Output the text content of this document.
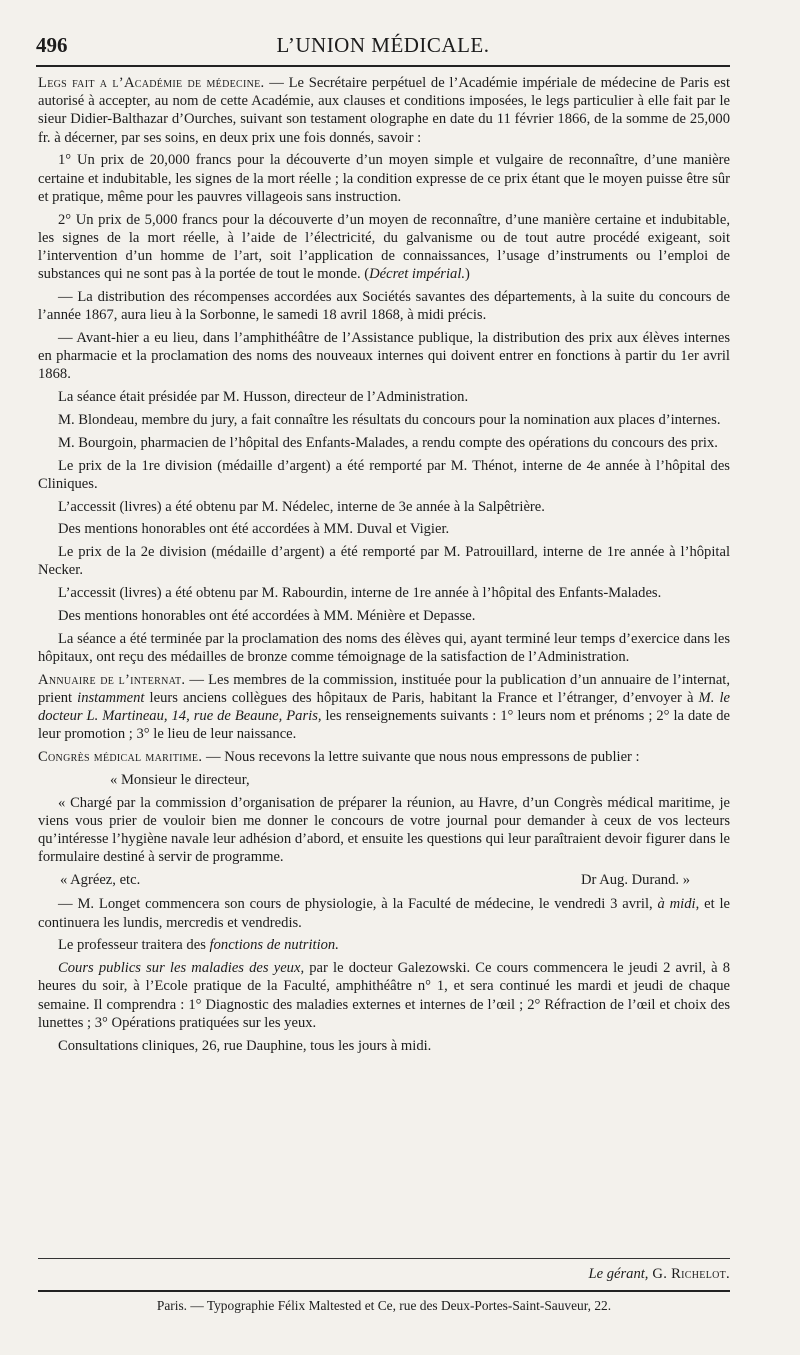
496	L’UNION MÉDICALE.

Legs fait a l’Académie de médecine. — Le Secrétaire perpétuel de l’Académie impériale de médecine de Paris est autorisé à accepter, au nom de cette Académie, aux clauses et conditions imposées, le legs particulier à elle fait par le sieur Didier-Balthazar d’Ourches, suivant son testament olographe en date du 11 février 1866, de la somme de 25,000 fr. à décerner, par ses soins, en deux prix une fois donnés, savoir :

1° Un prix de 20,000 francs pour la découverte d’un moyen simple et vulgaire de reconnaître, d’une manière certaine et indubitable, les signes de la mort réelle ; la condition expresse de ce prix étant que le moyen puisse être sûr et pratique, même pour les pauvres villageois sans instruction.

2° Un prix de 5,000 francs pour la découverte d’un moyen de reconnaître, d’une manière certaine et indubitable, les signes de la mort réelle, à l’aide de l’électricité, du galvanisme ou de tout autre procédé exigeant, soit l’intervention d’un homme de l’art, soit l’application de connaissances, l’usage d’instruments ou l’emploi de substances qui ne sont pas à la portée de tout le monde. (Décret impérial.)

— La distribution des récompenses accordées aux Sociétés savantes des départements, à la suite du concours de l’année 1867, aura lieu à la Sorbonne, le samedi 18 avril 1868, à midi précis.

— Avant-hier a eu lieu, dans l’amphithéâtre de l’Assistance publique, la distribution des prix aux élèves internes en pharmacie et la proclamation des noms des nouveaux internes qui doivent entrer en fonctions à partir du 1er avril 1868.

La séance était présidée par M. Husson, directeur de l’Administration.

M. Blondeau, membre du jury, a fait connaître les résultats du concours pour la nomination aux places d’internes.

M. Bourgoin, pharmacien de l’hôpital des Enfants-Malades, a rendu compte des opérations du concours des prix.

Le prix de la 1re division (médaille d’argent) a été remporté par M. Thénot, interne de 4e année à l’hôpital des Cliniques.

L’accessit (livres) a été obtenu par M. Nédelec, interne de 3e année à la Salpêtrière.

Des mentions honorables ont été accordées à MM. Duval et Vigier.

Le prix de la 2e division (médaille d’argent) a été remporté par M. Patrouillard, interne de 1re année à l’hôpital Necker.

L’accessit (livres) a été obtenu par M. Rabourdin, interne de 1re année à l’hôpital des Enfants-Malades.

Des mentions honorables ont été accordées à MM. Ménière et Depasse.

La séance a été terminée par la proclamation des noms des élèves qui, ayant terminé leur temps d’exercice dans les hôpitaux, ont reçu des médailles de bronze comme témoignage de la satisfaction de l’Administration.

Annuaire de l’internat. — Les membres de la commission, instituée pour la publication d’un annuaire de l’internat, prient instamment leurs anciens collègues des hôpitaux de Paris, habitant la France et l’étranger, d’envoyer à M. le docteur L. Martineau, 14, rue de Beaune, Paris, les renseignements suivants : 1° leurs nom et prénoms ; 2° la date de leur promotion ; 3° le lieu de leur naissance.

Congrès médical maritime. — Nous recevons la lettre suivante que nous nous empressons de publier :

« Monsieur le directeur,

« Chargé par la commission d’organisation de préparer la réunion, au Havre, d’un Congrès médical maritime, je viens vous prier de vouloir bien me donner le concours de votre journal pour demander à ceux de vos lecteurs qu’intéresse l’hygiène navale leur adhésion d’abord, et ensuite les questions qui leur paraîtraient devoir figurer dans le formulaire destiné à servir de programme.

« Agréez, etc.	Dr Aug. Durand. »

— M. Longet commencera son cours de physiologie, à la Faculté de médecine, le vendredi 3 avril, à midi, et le continuera les lundis, mercredis et vendredis.

Le professeur traitera des fonctions de nutrition.

Cours publics sur les maladies des yeux, par le docteur Galezowski. Ce cours commencera le jeudi 2 avril, à 8 heures du soir, à l’Ecole pratique de la Faculté, amphithéâtre n° 1, et sera continué les mardi et jeudi de chaque semaine. Il comprendra : 1° Diagnostic des maladies externes et internes de l’œil ; 2° Réfraction de l’œil et choix des lunettes ; 3° Opérations pratiquées sur les yeux.

Consultations cliniques, 26, rue Dauphine, tous les jours à midi.

Le gérant, G. Richelot.
Paris. — Typographie Félix Maltested et Ce, rue des Deux-Portes-Saint-Sauveur, 22.
